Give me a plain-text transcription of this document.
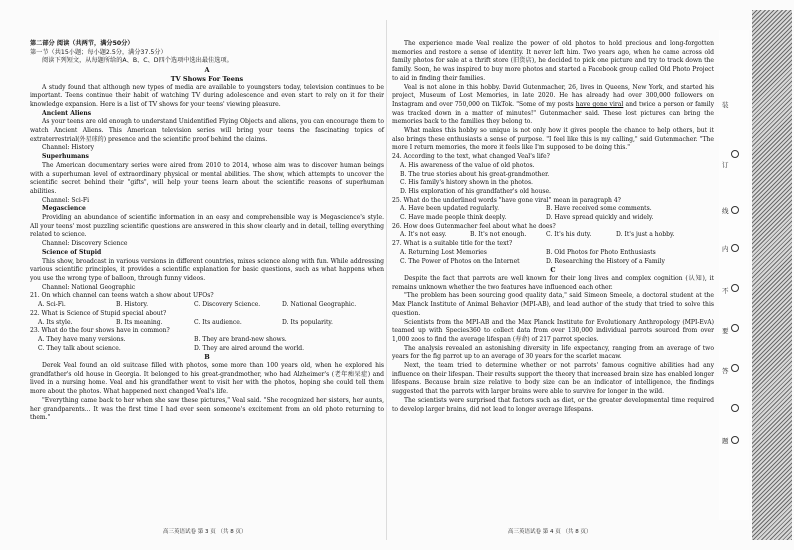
第二部分 阅读（共两节，满分50分）
第一节（共15小题；每小题2.5分，满分37.5分）
阅读下列短文，从每题所给的A、B、C、D四个选项中选出最佳选项。
A
TV Shows For Teens
A study found that although new types of media are available to youngsters today, television continues to be important. Teens continue their habit of watching TV during adolescence and even start to rely on it for their knowledge expansion. Here is a list of TV shows for your teens' viewing pleasure.
Ancient Aliens
As your teens are old enough to understand Unidentified Flying Objects and aliens, you can encourage them to watch Ancient Aliens. This American television series will bring your teens the fascinating topics of extraterrestrial(外星球的) presence and the scientific proof behind the claims.
Channel: History
Superhumans
The American documentary series were aired from 2010 to 2014, whose aim was to discover human beings with a superhuman level of extraordinary physical or mental abilities. The show, which attempts to uncover the scientific secret behind their "gifts", will help your teens learn about the scientific reasons of superhuman abilities.
Channel: Sci-Fi
Megascience
Providing an abundance of scientific information in an easy and comprehensible way is Megascience's style. All your teens' most puzzling scientific questions are answered in this show clearly and in detail, telling everything related to science.
Channel: Discovery Science
Science of Stupid
This show, broadcast in various versions in different countries, mixes science along with fun. While addressing various scientific principles, it provides a scientific explanation for basic questions, such as what happens when you use the wrong type of balloon, through funny videos.
Channel: National Geographic
21. On which channel can teens watch a show about UFOs?
A. Sci-Fi.	B. History.	C. Discovery Science.	D. National Geographic.
22. What is Science of Stupid special about?
A. Its style.	B. Its meaning.	C. Its audience.	D. Its popularity.
23. What do the four shows have in common?
A. They have many versions.	B. They are brand-new shows.
C. They talk about science.	D. They are aired around the world.
B
Derek Veal found an old suitcase filled with photos, some more than 100 years old, when he explored his grandfather's old house in Georgia. It belonged to his great-grandmother, who had Alzheimer's (老年痴呆症) and lived in a nursing home. Veal and his grandfather went to visit her with the photos, hoping she could tell them more about the photos. What happened next changed Veal's life.
"Everything came back to her when she saw these pictures," Veal said. "She recognized her sisters, her aunts, her grandparents... It was the first time I had ever seen someone's excitement from an old photo returning to them."
高三英语试卷 第 3 页 （共 8 页）
The experience made Veal realize the power of old photos to hold precious and long-forgotten memories and restore a sense of identity. It never left him. Two years ago, when he came across old family photos for sale at a thrift store (旧货店), he decided to pick one picture and try to track down the family. Soon, he was inspired to buy more photos and started a Facebook group called Old Photo Project to aid in finding their families.
Veal is not alone in this hobby. David Gutenmacher, 26, lives in Queens, New York, and started his project, Museum of Lost Memories, in late 2020. He has already had over 300,000 followers on Instagram and over 750,000 on TikTok. "Some of my posts have gone viral and twice a person or family was tracked down in a matter of minutes!" Gutenmacher said. These lost pictures can bring the memories back to the families they belong to.
What makes this hobby so unique is not only how it gives people the chance to help others, but it also brings these enthusiasts a sense of purpose. "I feel like this is my calling," said Gutenmacher. "The more I return memories, the more it feels like I'm supposed to be doing this."
24. According to the text, what changed Veal's life?
A. His awareness of the value of old photos.
B. The true stories about his great-grandmother.
C. His family's history shown in the photos.
D. His exploration of his grandfather's old house.
25. What do the underlined words "have gone viral" mean in paragraph 4?
A. Have been updated regularly.	B. Have received some comments.
C. Have made people think deeply.	D. Have spread quickly and widely.
26. How does Gutenmacher feel about what he does?
A. It's not easy.	B. It's not enough.	C. It's his duty.	D. It's just a hobby.
27. What is a suitable title for the text?
A. Returning Lost Memories	B. Old Photos for Photo Enthusiasts
C. The Power of Photos on the Internet	D. Researching the History of a Family
C
Despite the fact that parrots are well known for their long lives and complex cognition (认知), it remains unknown whether the two features have influenced each other.
"The problem has been sourcing good quality data," said Simeon Smeele, a doctoral student at the Max Planck Institute of Animal Behavior (MPI-AB), and lead author of the study that tried to solve this question.
Scientists from the MPI-AB and the Max Planck Institute for Evolutionary Anthropology (MPI-EvA) teamed up with Species360 to collect data from over 130,000 individual parrots sourced from over 1,000 zoos to find the average lifespan (寿命) of 217 parrot species.
The analysis revealed an astonishing diversity in life expectancy, ranging from an average of two years for the fig parrot up to an average of 30 years for the scarlet macaw.
Next, the team tried to determine whether or not parrots' famous cognitive abilities had any influence on their lifespan. Their results support the theory that increased brain size has enabled longer lifespans. Because brain size relative to body size can be an indicator of intelligence, the findings suggested that the parrots with larger brains were able to survive for longer in the wild.
The scientists were surprised that factors such as diet, or the greater developmental time required to develop larger brains, did not lead to longer average lifespans.
高三英语试卷 第 4 页 （共 8 页）
装
订
线
内
不
要
答
题
